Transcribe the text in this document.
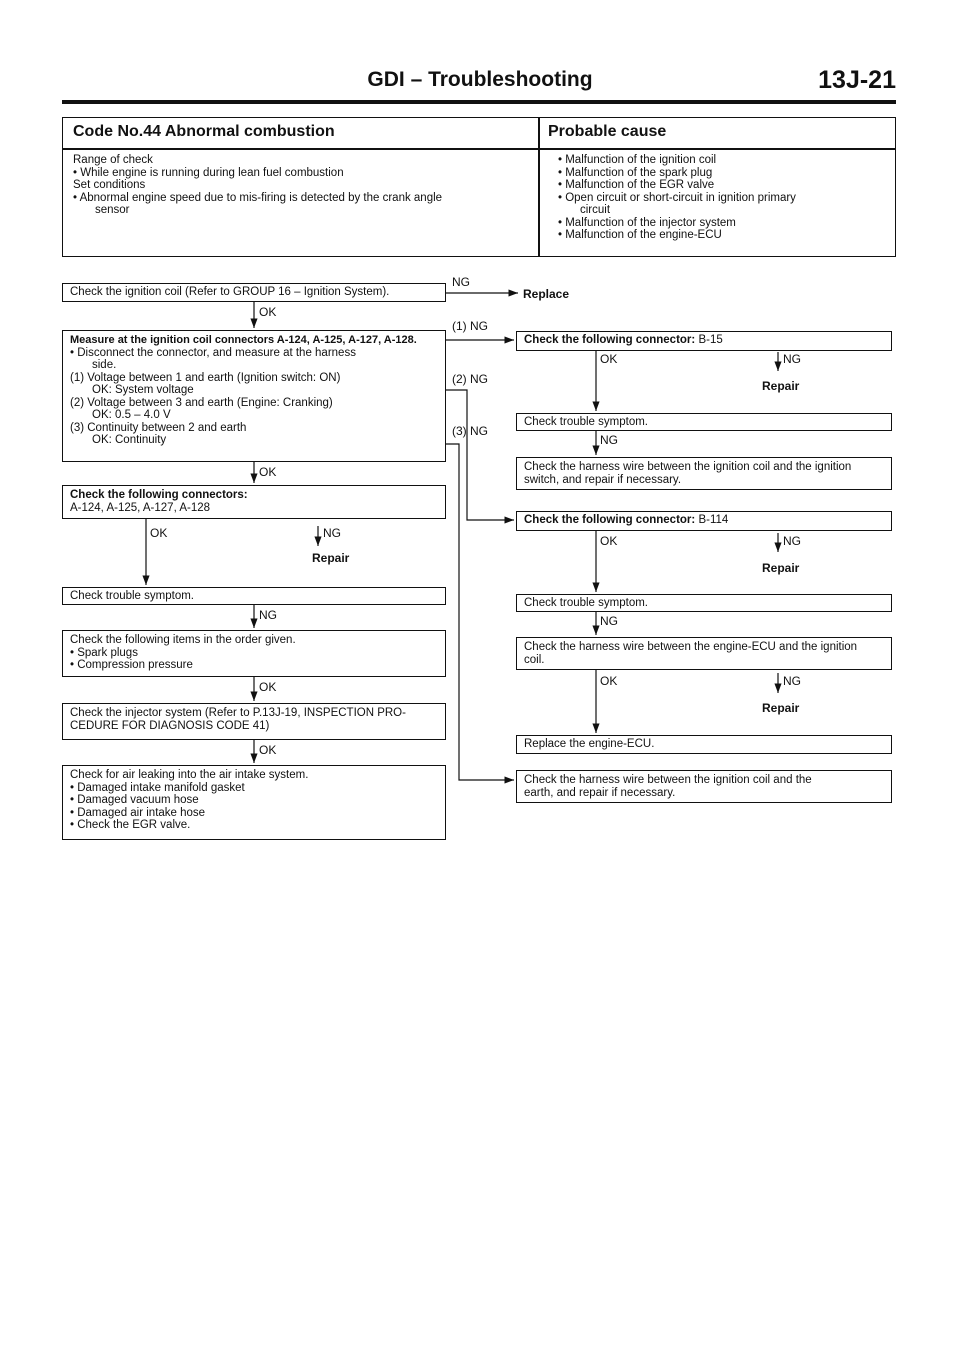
GDI – Troubleshooting	13J-21
Code No.44 Abnormal combustion	Probable cause
Range of check
• While engine is running during lean fuel combustion
Set conditions
• Abnormal engine speed due to mis-firing is detected by the crank angle
sensor
• Malfunction of the ignition coil
• Malfunction of the spark plug
• Malfunction of the EGR valve
• Open circuit or short-circuit in ignition primary
circuit
• Malfunction of the injector system
• Malfunction of the engine-ECU
Check the ignition coil (Refer to GROUP 16 – Ignition System).
NG
Replace
OK
Measure at the ignition coil connectors A-124, A-125, A-127, A-128.
• Disconnect the connector, and measure at the harness
side.
(1) Voltage between 1 and earth (Ignition switch: ON)
OK: System voltage
(2) Voltage between 3 and earth (Engine: Cranking)
OK: 0.5 – 4.0 V
(3) Continuity between 2 and earth
OK: Continuity
(1) NG
(2) NG
(3) NG
OK
Check the following connectors:
A-124, A-125, A-127, A-128
OK	NG
Repair
Check trouble symptom.
NG
Check the following items in the order given.
• Spark plugs
• Compression pressure
OK
Check the injector system (Refer to P.13J-19, INSPECTION PRO-
CEDURE FOR DIAGNOSIS CODE 41)
OK
Check for air leaking into the air intake system.
• Damaged intake manifold gasket
• Damaged vacuum hose
• Damaged air intake hose
• Check the EGR valve.
Check the following connector: B-15
OK	NG
Repair
Check trouble symptom.
NG
Check the harness wire between the ignition coil and the ignition
switch, and repair if necessary.
Check the following connector: B-114
OK	NG
Repair
Check trouble symptom.
NG
Check the harness wire between the engine-ECU and the ignition
coil.
OK	NG
Repair
Replace the engine-ECU.
Check the harness wire between the ignition coil and the
earth, and repair if necessary.
